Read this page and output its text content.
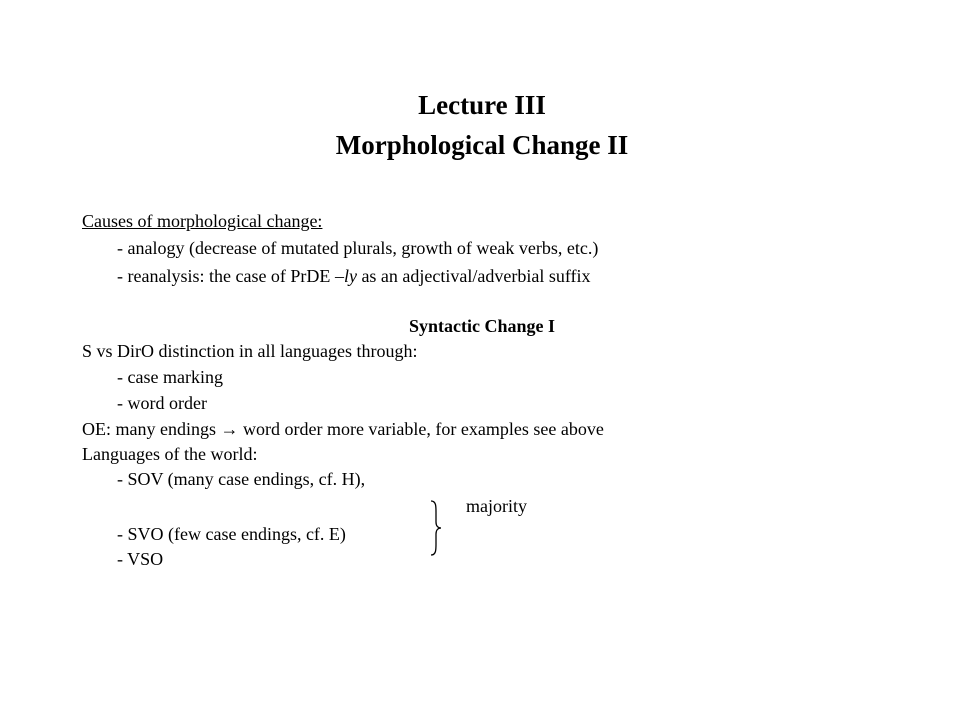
Lecture III
Morphological Change II
Causes of morphological change:
- analogy (decrease of mutated plurals, growth of weak verbs, etc.)
- reanalysis: the case of PrDE –ly as an adjectival/adverbial suffix
Syntactic Change I
S vs DirO distinction in all languages through:
- case marking
- word order
OE: many endings → word order more variable, for examples see above
Languages of the world:
- SOV (many case endings, cf. H),
majority
- SVO (few case endings, cf. E)
- VSO
